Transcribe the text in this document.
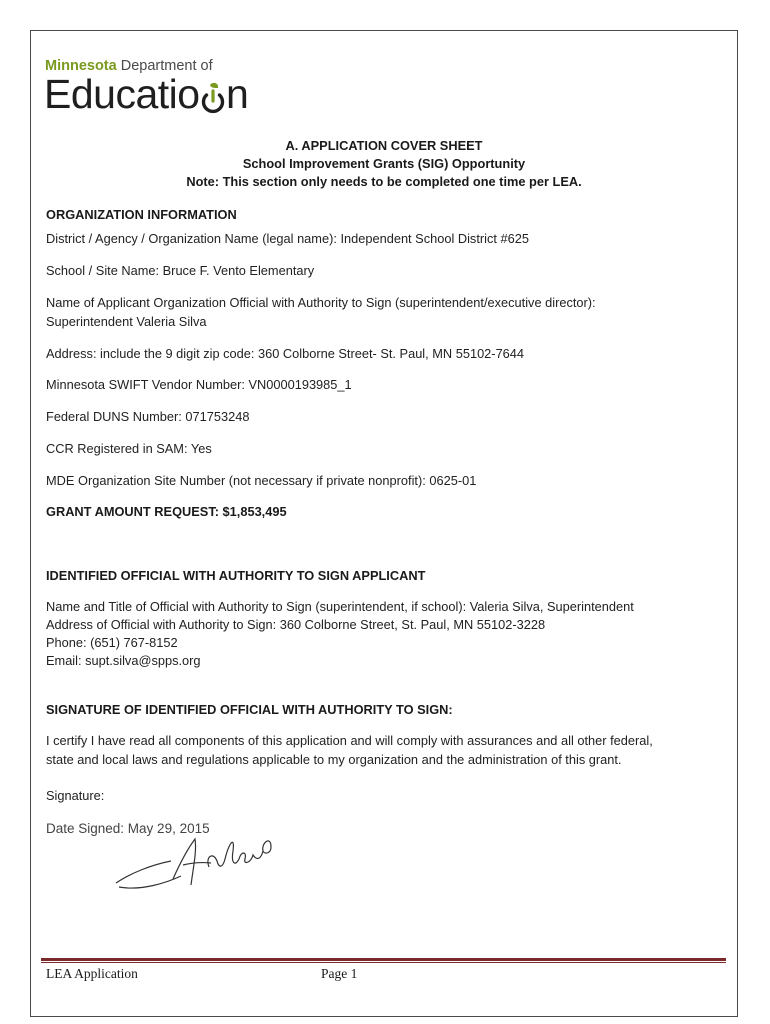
Minnesota Department of
Educatio n
A. APPLICATION COVER SHEET
School Improvement Grants (SIG) Opportunity
Note: This section only needs to be completed one time per LEA.
ORGANIZATION INFORMATION
District / Agency / Organization Name (legal name): Independent School District #625
School / Site Name: Bruce F. Vento Elementary
Name of Applicant Organization Official with Authority to Sign (superintendent/executive director):
Superintendent Valeria Silva
Address: include the 9 digit zip code: 360 Colborne Street- St. Paul, MN 55102-7644
Minnesota SWIFT Vendor Number: VN0000193985_1
Federal DUNS Number: 071753248
CCR Registered in SAM: Yes
MDE Organization Site Number (not necessary if private nonprofit): 0625-01
GRANT AMOUNT REQUEST: $1,853,495
IDENTIFIED OFFICIAL WITH AUTHORITY TO SIGN APPLICANT
Name and Title of Official with Authority to Sign (superintendent, if school): Valeria Silva, Superintendent
Address of Official with Authority to Sign: 360 Colborne Street, St. Paul, MN 55102-3228
Phone: (651) 767-8152
Email: supt.silva@spps.org
SIGNATURE OF IDENTIFIED OFFICIAL WITH AUTHORITY TO SIGN:
I certify I have read all components of this application and will comply with assurances and all other federal,
state and local laws and regulations applicable to my organization and the administration of this grant.
Signature:
Date Signed: May 29, 2015
LEA Application	Page 1
